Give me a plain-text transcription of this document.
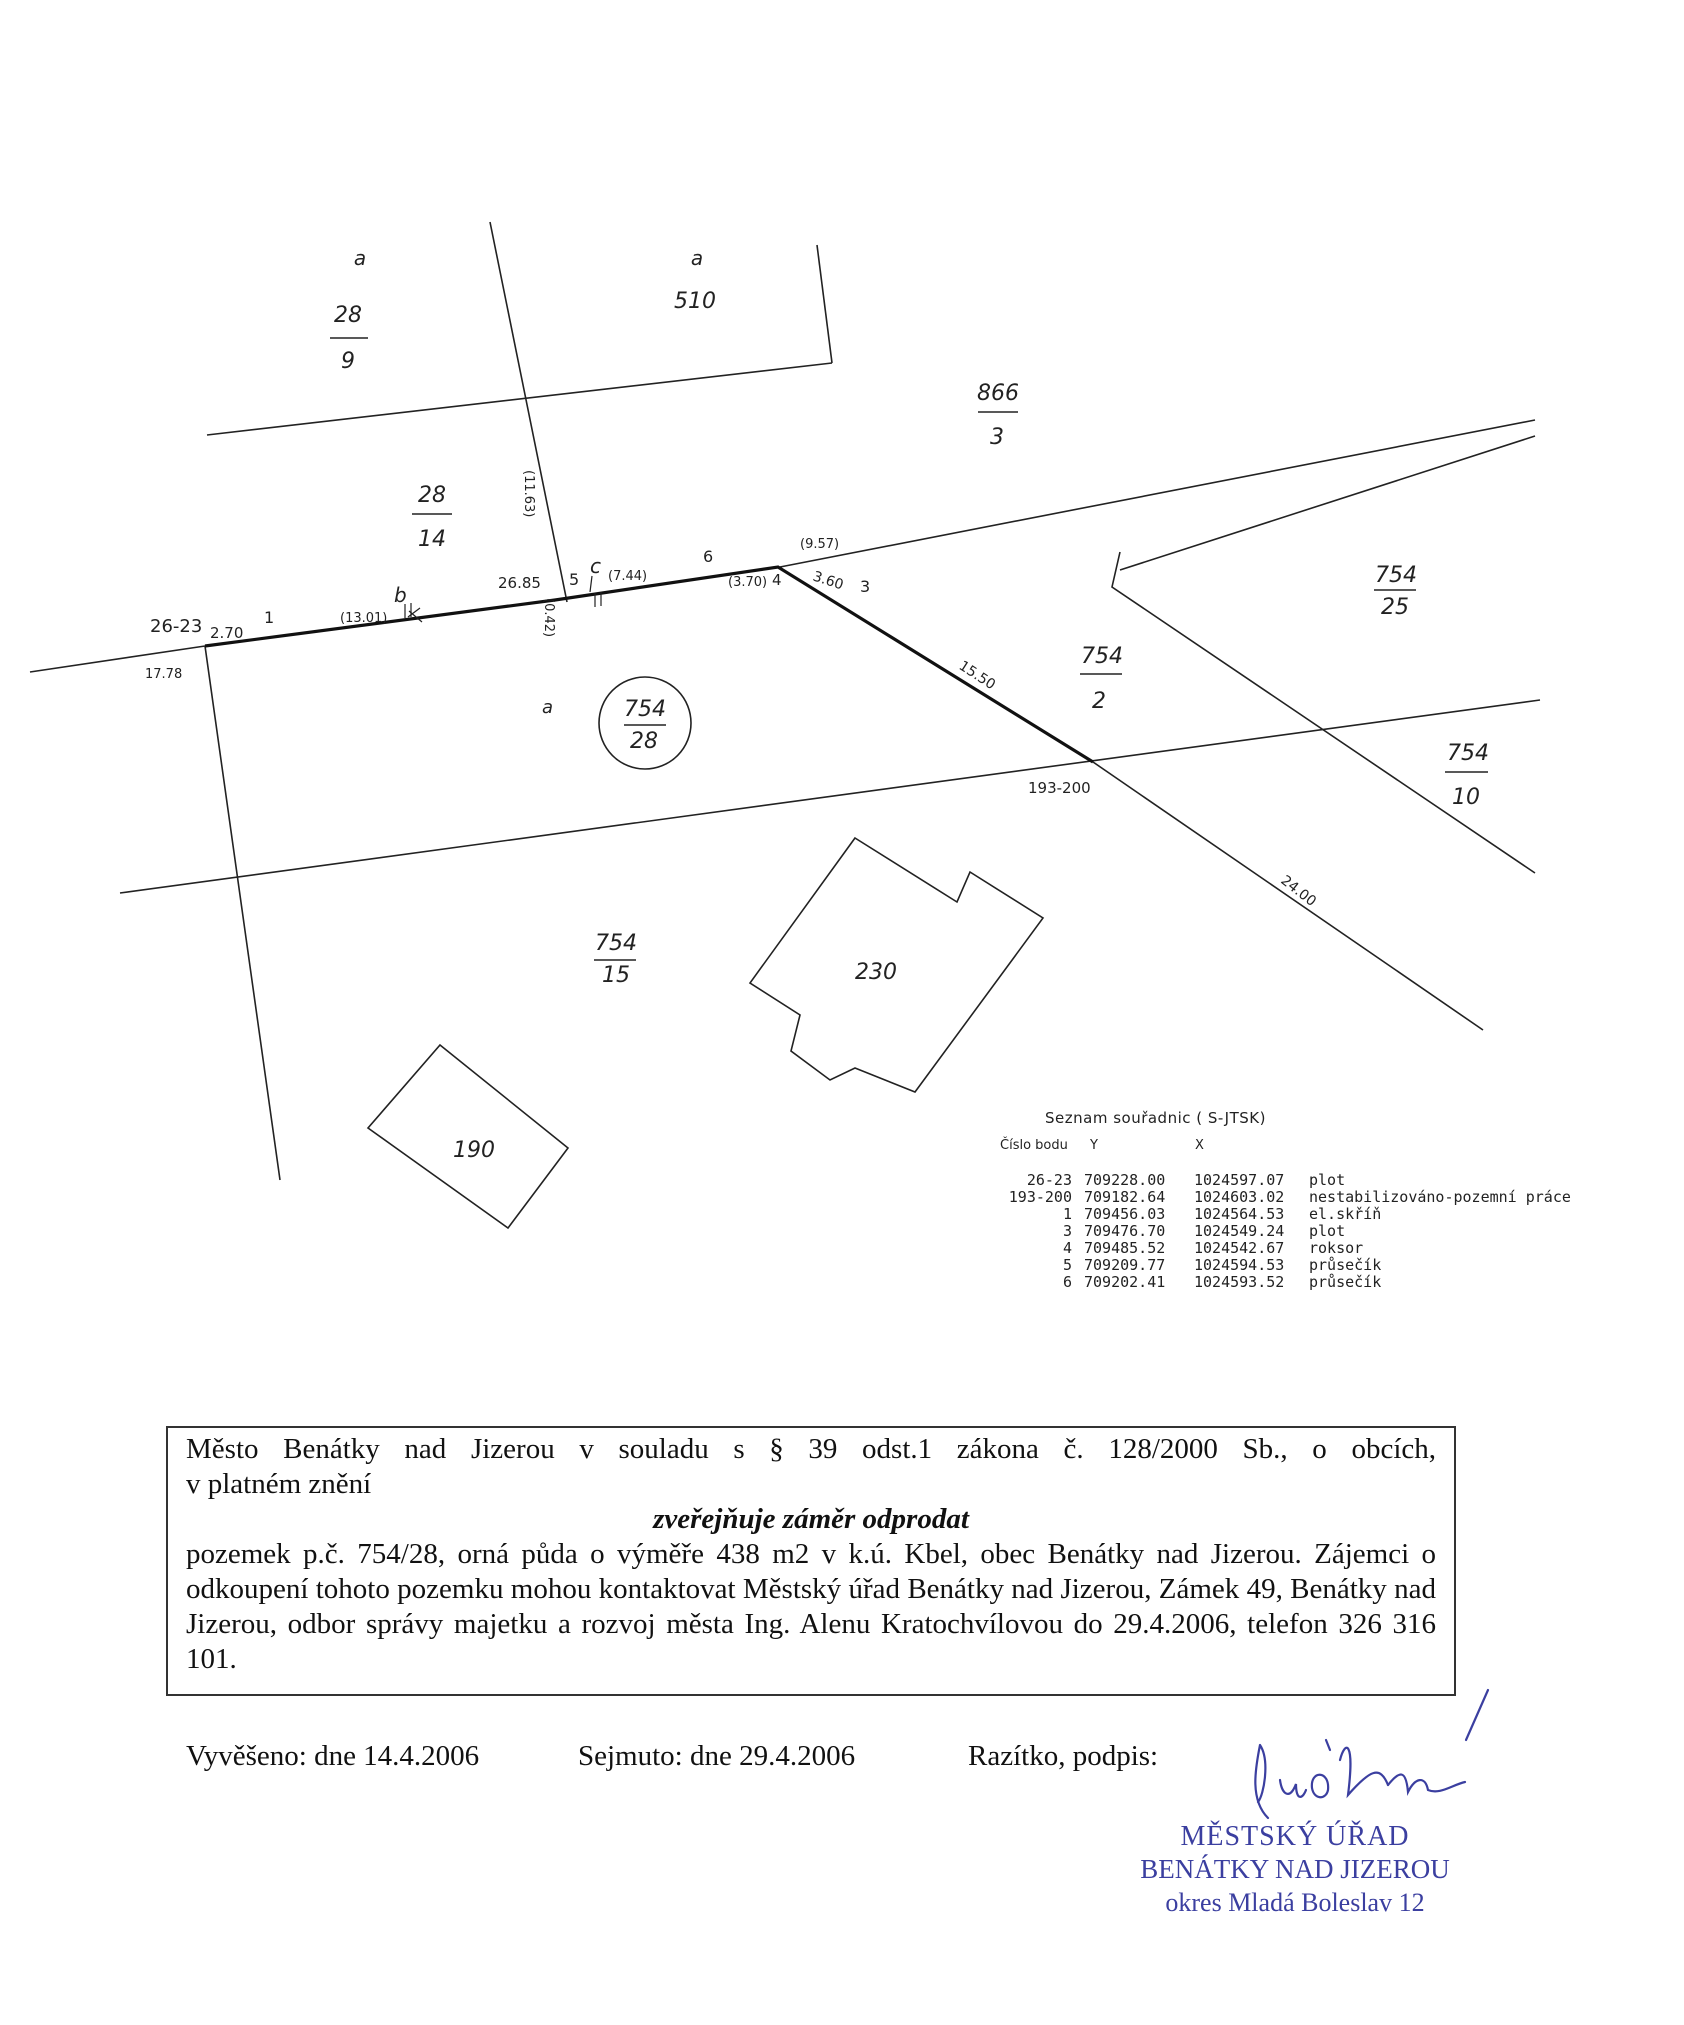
a
28
9
a
510
866
3
28
14
754
25
754
2
754
28	754
10
754
15	230
190
26-23 2.70
17.78
1	(13.01)
b	26.85 5
c (7.44)
6
(3.70) 4
(9.57)
3.60 3
(11.63)
(0.42)
15.50
a
193-200
24.00
Seznam souřadnic ( S-JTSK)
Číslo bodu Y	X
26-23 709228.00 1024597.07 plot
193-200 709182.64 1024603.02 nestabilizováno-pozemní práce
1 709456.03 1024564.53 el.skříň
3 709476.70 1024549.24 plot
4 709485.52 1024542.67 roksor
5 709209.77 1024594.53 průsečík
6 709202.41 1024593.52 průsečík

Město Benátky nad Jizerou v souladu s § 39 odst.1 zákona č. 128/2000 Sb., o obcích,

v platném znění

zveřejňuje záměr odprodat

pozemek p.č. 754/28, orná půda o výměře 438 m2 v k.ú. Kbel, obec Benátky nad Jizerou. Zájemci o odkoupení tohoto pozemku mohou kontaktovat Městský úřad Benátky nad Jizerou, Zámek 49, Benátky nad Jizerou, odbor správy majetku a rozvoj města Ing. Alenu Kratochvílovou do 29.4.2006, telefon 326 316 101.

Vyvěšeno: dne 14.4.2006	Sejmuto: dne 29.4.2006	Razítko, podpis:
MĚSTSKÝ ÚŘAD
BENÁTKY NAD JIZEROU
okres Mladá Boleslav 12
